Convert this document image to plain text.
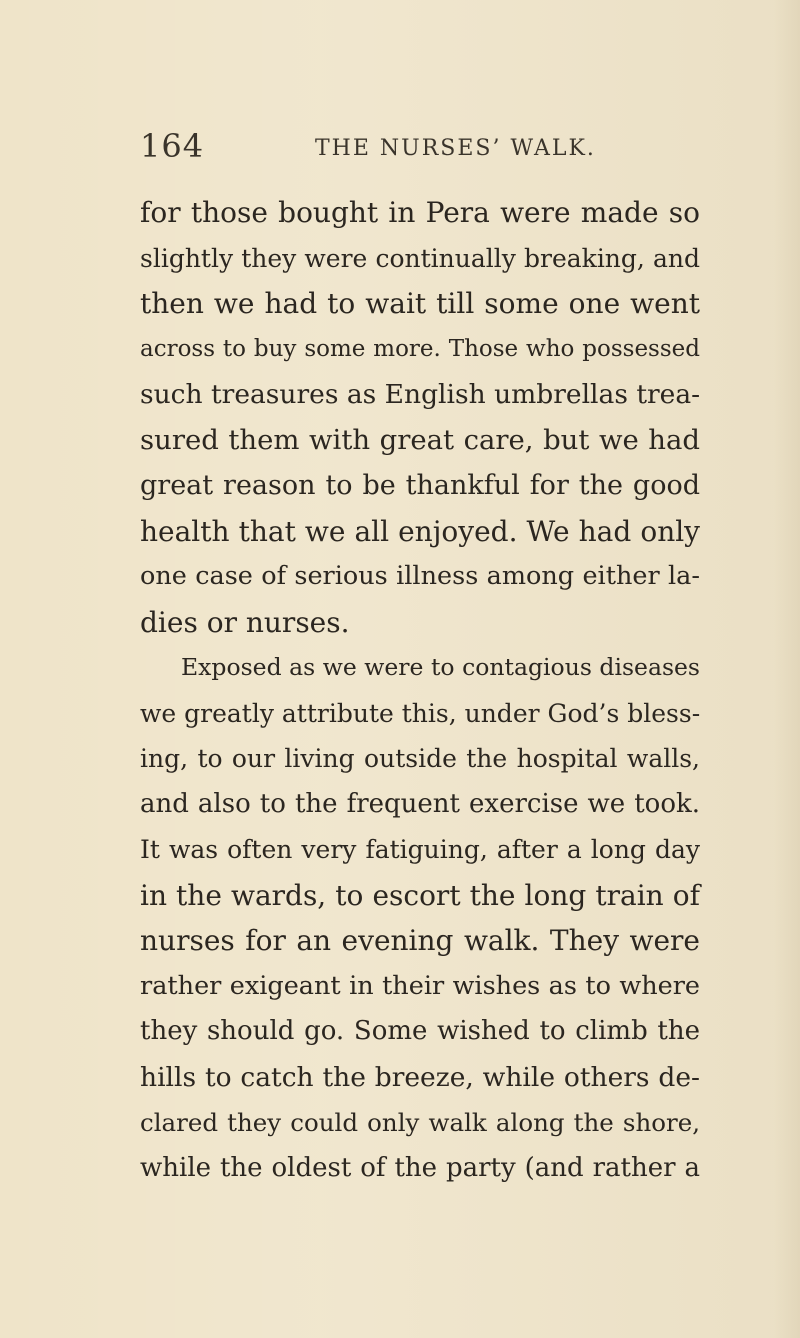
164	THE NURSES’ WALK.
for those bought in Pera were made so
slightly they were continually breaking, and
then we had to wait till some one went
across to buy some more. Those who possessed
such treasures as English umbrellas trea-
sured them with great care, but we had
great reason to be thankful for the good
health that we all enjoyed. We had only
one case of serious illness among either la-
dies or nurses.
Exposed as we were to contagious diseases
we greatly attribute this, under God’s bless-
ing, to our living outside the hospital walls,
and also to the frequent exercise we took.
It was often very fatiguing, after a long day
in the wards, to escort the long train of
nurses for an evening walk. They were
rather exigeant in their wishes as to where
they should go. Some wished to climb the
hills to catch the breeze, while others de-
clared they could only walk along the shore,
while the oldest of the party (and rather a
